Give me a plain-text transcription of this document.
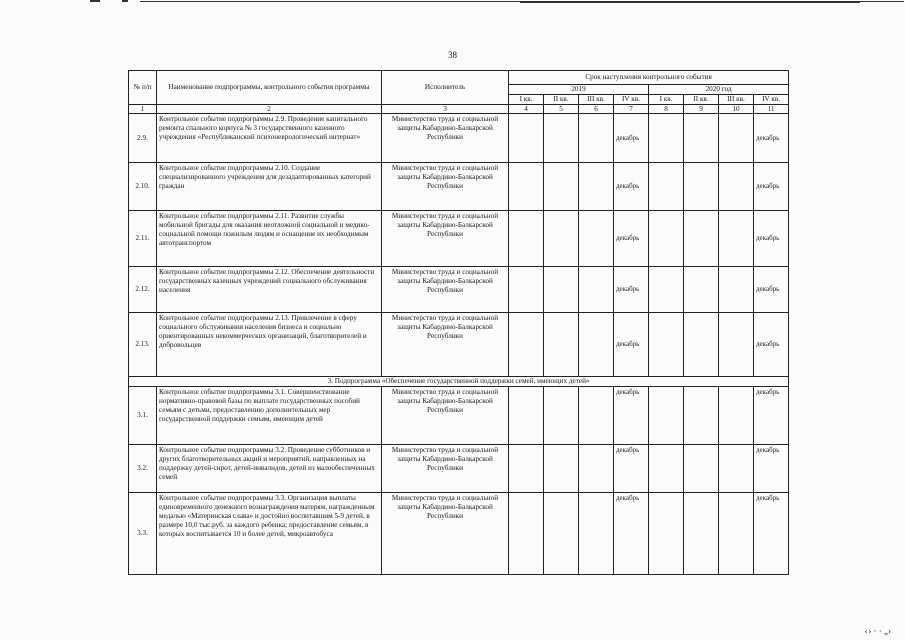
38
№ п/п	Наименование подпрограммы, контрольного события программы	Исполнитель	Срок наступления контрольного события							
			2019				2020 год			
			I кв.	II кв.	III кв.	IV кв.	I кв.	II кв.	III кв.	IV кв.
1	2	3	4	5	6	7	8	9	10	11
2.9.	Контрольное событие подпрограммы 2.9. Проведение капитального ремонта спального корпуса № 3 государственного казенного учреждения «Республиканский психоневрологический интернат»	Министерство труда и социальной защиты Кабардино-Балкарской Республики				декабрь				декабрь
2.10.	Контрольное событие подпрограммы 2.10. Создание специализированного учреждения для дезадаптированных категорий граждан	Министерство труда и социальной защиты Кабардино-Балкарской Республики				декабрь				декабрь
2.11.	Контрольное событие подпрограммы 2.11. Развитие службы мобильной бригады для оказания неотложной социальной и медико-социальной помощи пожилым людям и оснащение их необходимым автотранспортом	Министерство труда и социальной защиты Кабардино-Балкарской Республики				декабрь				декабрь
2.12.	Контрольное событие подпрограммы 2.12. Обеспечение деятельности государственных казенных учреждений социального обслуживания населения	Министерство труда и социальной защиты Кабардино-Балкарской Республики				декабрь				декабрь
2.13.	Контрольное событие подпрограммы 2.13. Привлечение в сферу социального обслуживания населения бизнеса и социально ориентированных некоммерческих организаций, благотворителей и добровольцев	Министерство труда и социальной защиты Кабардино-Балкарской Республики				декабрь				декабрь
3. Подпрограмма «Обеспечение государственной поддержки семей, имеющих детей»										
3.1.	Контрольное событие подпрограммы 3.1. Совершенствование нормативно-правовой базы по выплате государственных пособий семьям с детьми, предоставлению дополнительных мер государственной поддержки семьям, имеющим детей	Министерство труда и социальной защиты Кабардино-Балкарской Республики				декабрь				декабрь
3.2.	Контрольное событие подпрограммы 3.2. Проведение субботников и других благотворительных акций и мероприятий, направленных на поддержку детей-сирот, детей-инвалидов, детей из малообеспеченных семей	Министерство труда и социальной защиты Кабардино-Балкарской Республики				декабрь				декабрь
3.3.	Контрольное событие подпрограммы 3.3. Организация выплаты единовременного денежного вознаграждения матерям, награжденным медалью «Материнская слава» и достойно воспитавшим 5-9 детей, в размере 10,0 тыс.руб. за каждого ребенка; предоставление семьям, в которых воспитывается 10 и более детей, микроавтобуса	Министерство труда и социальной защиты Кабардино-Балкарской Республики				декабрь				декабрь
‹ › · · „›
